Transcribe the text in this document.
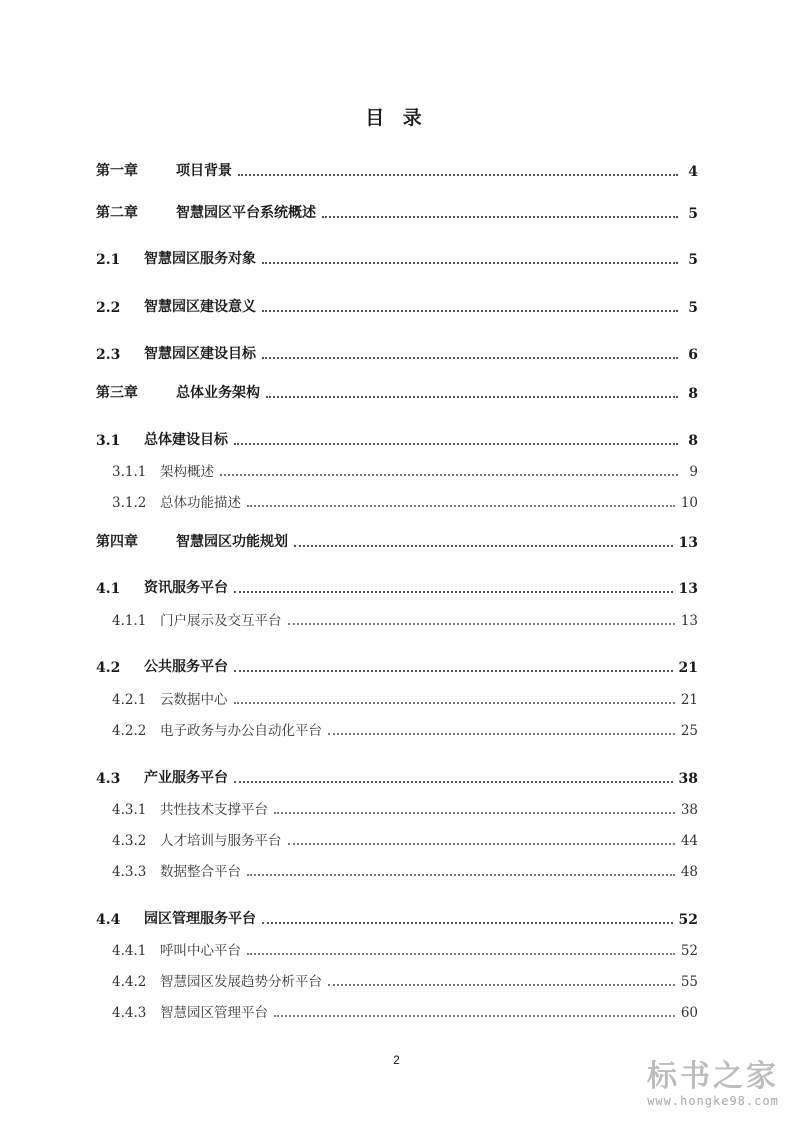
目 录
第一章	项目背景	4
第二章	智慧园区平台系统概述	5
2.1	智慧园区服务对象	5
2.2	智慧园区建设意义	5
2.3	智慧园区建设目标	6
第三章	总体业务架构	8
3.1	总体建设目标	8
3.1.1	架构概述	9
3.1.2	总体功能描述	10
第四章	智慧园区功能规划	13
4.1	资讯服务平台	13
4.1.1	门户展示及交互平台	13
4.2	公共服务平台	21
4.2.1	云数据中心	21
4.2.2	电子政务与办公自动化平台	25
4.3	产业服务平台	38
4.3.1	共性技术支撑平台	38
4.3.2	人才培训与服务平台	44
4.3.3	数据整合平台	48
4.4	园区管理服务平台	52
4.4.1	呼叫中心平台	52
4.4.2	智慧园区发展趋势分析平台	55
4.4.3	智慧园区管理平台	60
2	标书之家
www.hongke98.com
